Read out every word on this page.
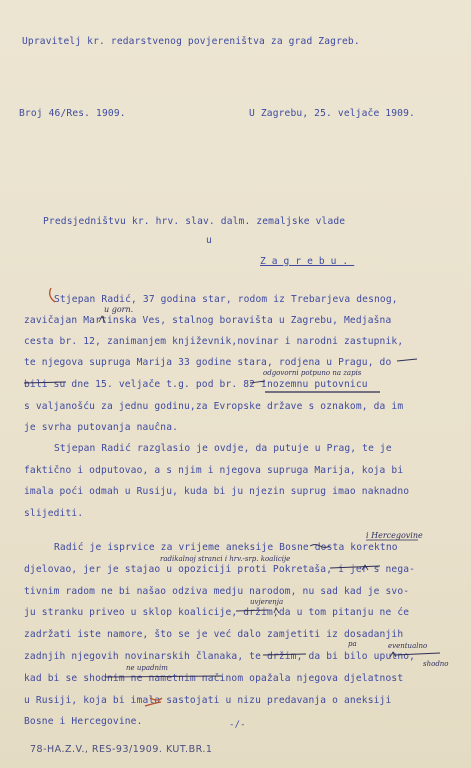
Upravitelj kr. redarstvenog povjereništva za grad Zagreb.
Broj 46/Res. 1909.	U Zagrebu, 25. veljače 1909.
Predsjedništvu kr. hrv. slav. dalm. zemaljske vlade
u
Zagrebu.
Stjepan Radić, 37 godina star, rodom iz Trebarjeva desnog,
zavičajan Martinska Ves, stalnog boravišta u Zagrebu, Medjašna
cesta br. 12, zanimanjem književnik,novinar i narodni zastupnik,
te njegova supruga Marija 33 godine stara, rodjena u Pragu, do
bili su dne 15. veljače t.g. pod br. 82 inozemnu putovnicu
s valjanošću za jednu godinu,za Evropske države s oznakom, da im
je svrha putovanja nauĉna.
Stjepan Radić razglasio je ovdje, da putuje u Prag, te je
faktično i odputovao, a s njim i njegova supruga Marija, koja bi
imala poći odmah u Rusiju, kuda bi ju njezin suprug imao naknadno
slijediti.
Radić je isprvice za vrijeme aneksije Bosne dosta korektno
djelovao, jer je stajao u opoziciji proti Pokretaša, i jer s nega-
tivnim radom ne bi našao odziva medju narodom, nu sad kad je svo-
ju stranku priveo u sklop koalicije, držim,da u tom pitanju ne će
zadržati iste namore, što se je već dalo zamjetiti iz dosadanjih
zadnjih njegovih novinarskih članaka, te držim, da bi bilo uputno,
kad bi se shodnim ne nametnim načinom opažala njegova djelatnost
u Rusiji, koja bi imala sastojati u nizu predavanja o aneksiji
Bosne i Hercegovine.
u gorn.
odgovorni potpuno na zapis
i Hercegovine
radikalnoj stranci i hrv.-srp. koalicije
uvjerenja
eventualno
ne upadnim	shodno
pa
-/-
78-HA.Z.V., RES-93/1909. KUT.BR.1
